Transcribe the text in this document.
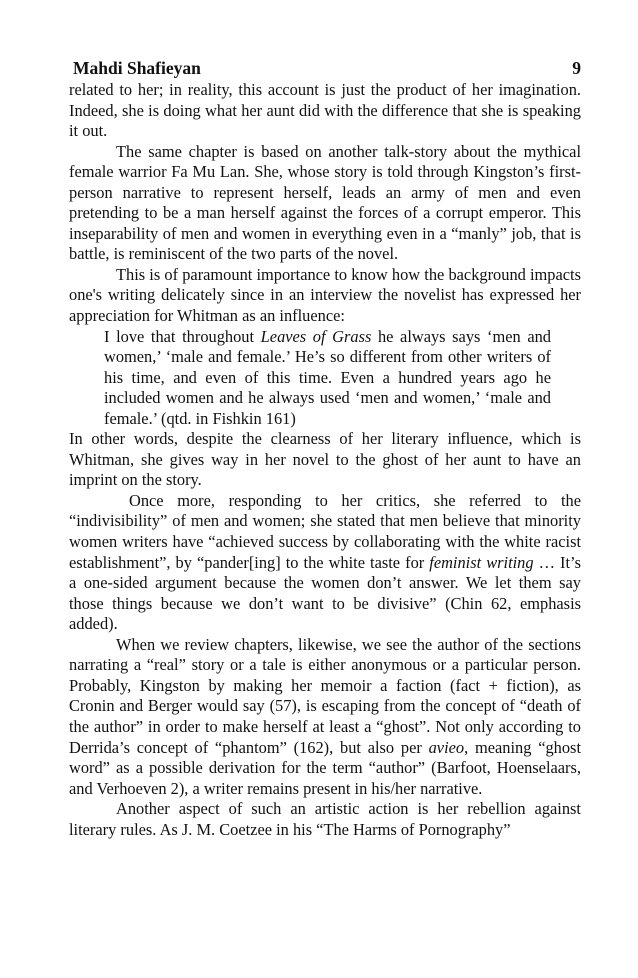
Mahdi Shafieyan	9

related to her; in reality, this account is just the product of her imagination. Indeed, she is doing what her aunt did with the difference that she is speaking it out.

The same chapter is based on another talk-story about the mythical female warrior Fa Mu Lan. She, whose story is told through Kingston’s first-person narrative to represent herself, leads an army of men and even pretending to be a man herself against the forces of a corrupt emperor. This inseparability of men and women in everything even in a “manly” job, that is battle, is reminiscent of the two parts of the novel.

This is of paramount importance to know how the background impacts one's writing delicately since in an interview the novelist has expressed her appreciation for Whitman as an influence:

I love that throughout Leaves of Grass he always says ‘men and women,’ ‘male and female.’ He’s so different from other writers of his time, and even of this time. Even a hundred years ago he included women and he always used ‘men and women,’ ‘male and female.’ (qtd. in Fishkin 161)

In other words, despite the clearness of her literary influence, which is Whitman, she gives way in her novel to the ghost of her aunt to have an imprint on the story.

Once more, responding to her critics, she referred to the “indivisibility” of men and women; she stated that men believe that minority women writers have “achieved success by collaborating with the white racist establishment”, by “pander[ing] to the white taste for feminist writing … It’s a one-sided argument because the women don’t answer. We let them say those things because we don’t want to be divisive” (Chin 62, emphasis added).

When we review chapters, likewise, we see the author of the sections narrating a “real” story or a tale is either anonymous or a particular person. Probably, Kingston by making her memoir a faction (fact + fiction), as Cronin and Berger would say (57), is escaping from the concept of “death of the author” in order to make herself at least a “ghost”. Not only according to Derrida’s concept of “phantom” (162), but also per avieo, meaning “ghost word” as a possible derivation for the term “author” (Barfoot, Hoenselaars, and Verhoeven 2), a writer remains present in his/her narrative.

Another aspect of such an artistic action is her rebellion against literary rules. As J. M. Coetzee in his “The Harms of Pornography”
